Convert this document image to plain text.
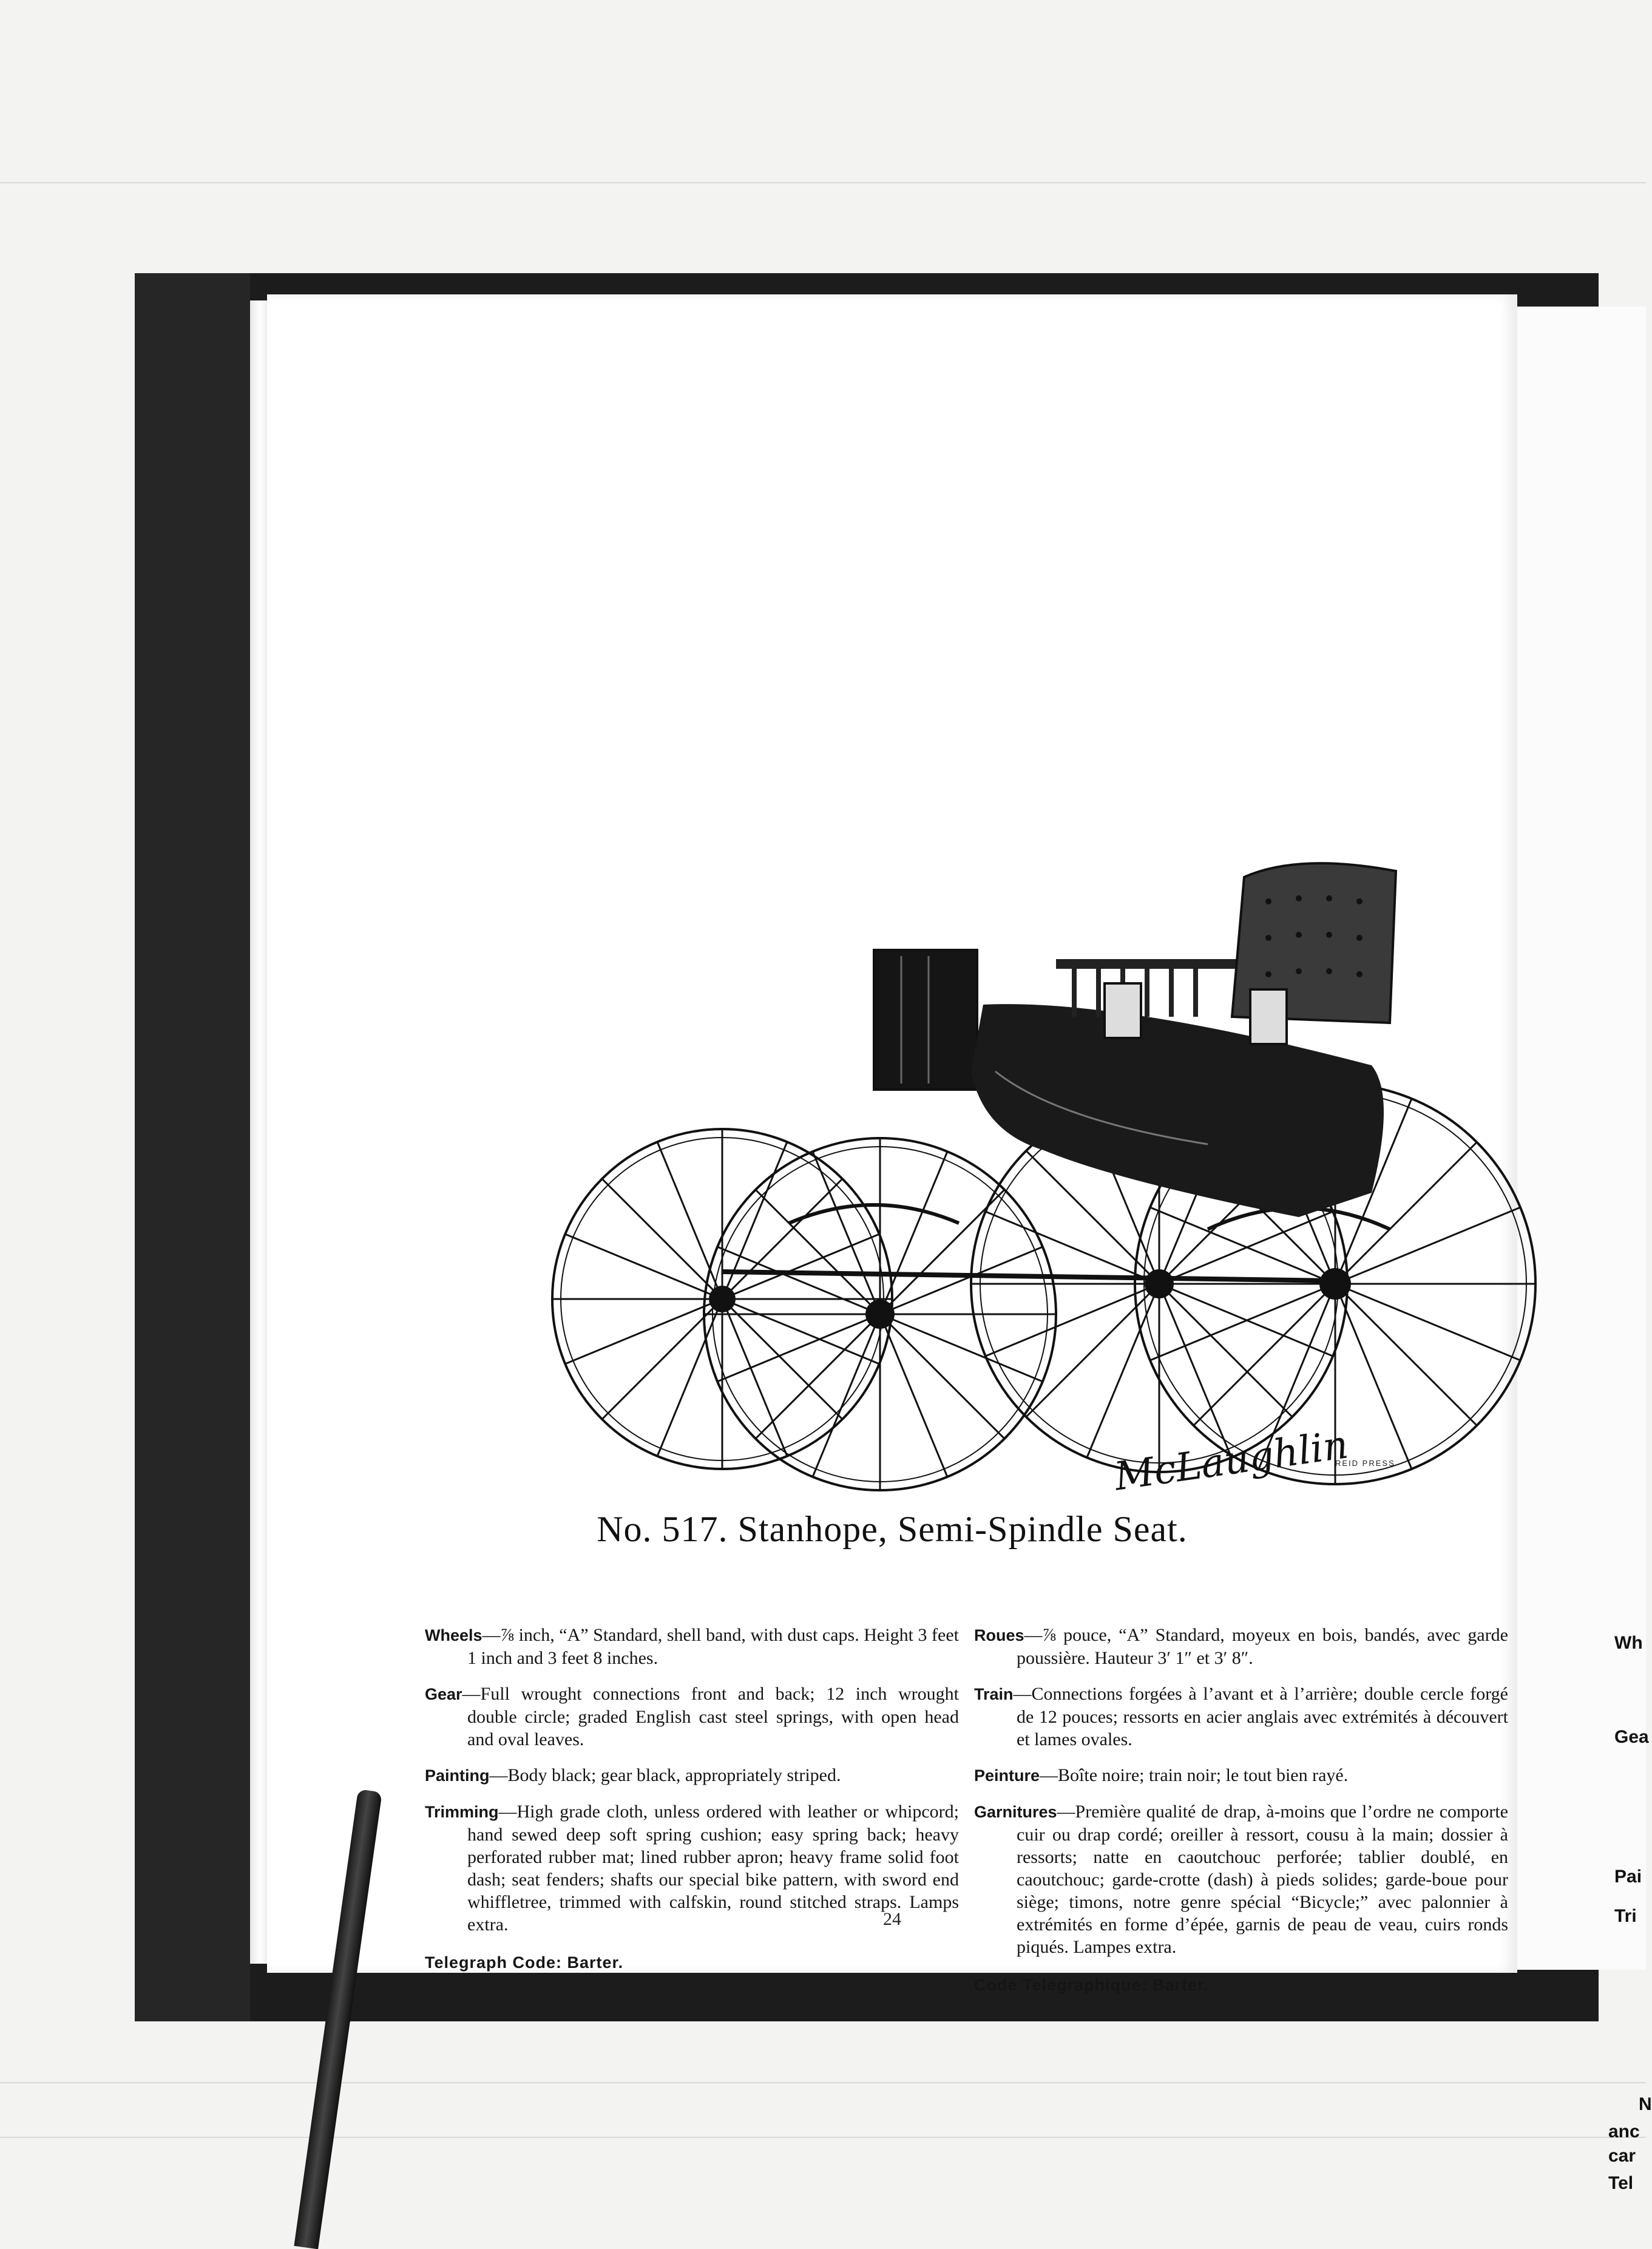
Wh
Gea
Pai
Tri
N
anc
car
Tel
McLaughlin
REID PRESS
No. 517. Stanhope, Semi-Spindle Seat.

Wheels—⅞ inch, “A” Standard, shell band, with dust caps. Height 3 feet 1 inch and 3 feet 8 inches.

Gear—Full wrought connections front and back; 12 inch wrought double circle; graded English cast steel springs, with open head and oval leaves.

Painting—Body black; gear black, appropriately striped.

Trimming—High grade cloth, unless ordered with leather or whipcord; hand sewed deep soft spring cushion; easy spring back; heavy perforated rubber mat; lined rubber apron; heavy frame solid foot dash; seat fenders; shafts our special bike pattern, with sword end whiffletree, trimmed with calfskin, round stitched straps. Lamps extra.

Telegraph Code: Barter.

Roues—⅞ pouce, “A” Standard, moyeux en bois, bandés, avec garde poussière. Hauteur 3′ 1″ et 3′ 8″.

Train—Connections forgées à l’avant et à l’arrière; double cercle forgé de 12 pouces; ressorts en acier anglais avec extrémités à découvert et lames ovales.

Peinture—Boîte noire; train noir; le tout bien rayé.

Garnitures—Première qualité de drap, à-moins que l’ordre ne comporte cuir ou drap cordé; oreiller à ressort, cousu à la main; dossier à ressorts; natte en caoutchouc perforée; tablier doublé, en caoutchouc; garde-crotte (dash) à pieds solides; garde-boue pour siège; timons, notre genre spécial “Bicycle;” avec palonnier à extrémités en forme d’épée, garnis de peau de veau, cuirs ronds piqués. Lampes extra.

Code Telegraphique: Barter.
24
